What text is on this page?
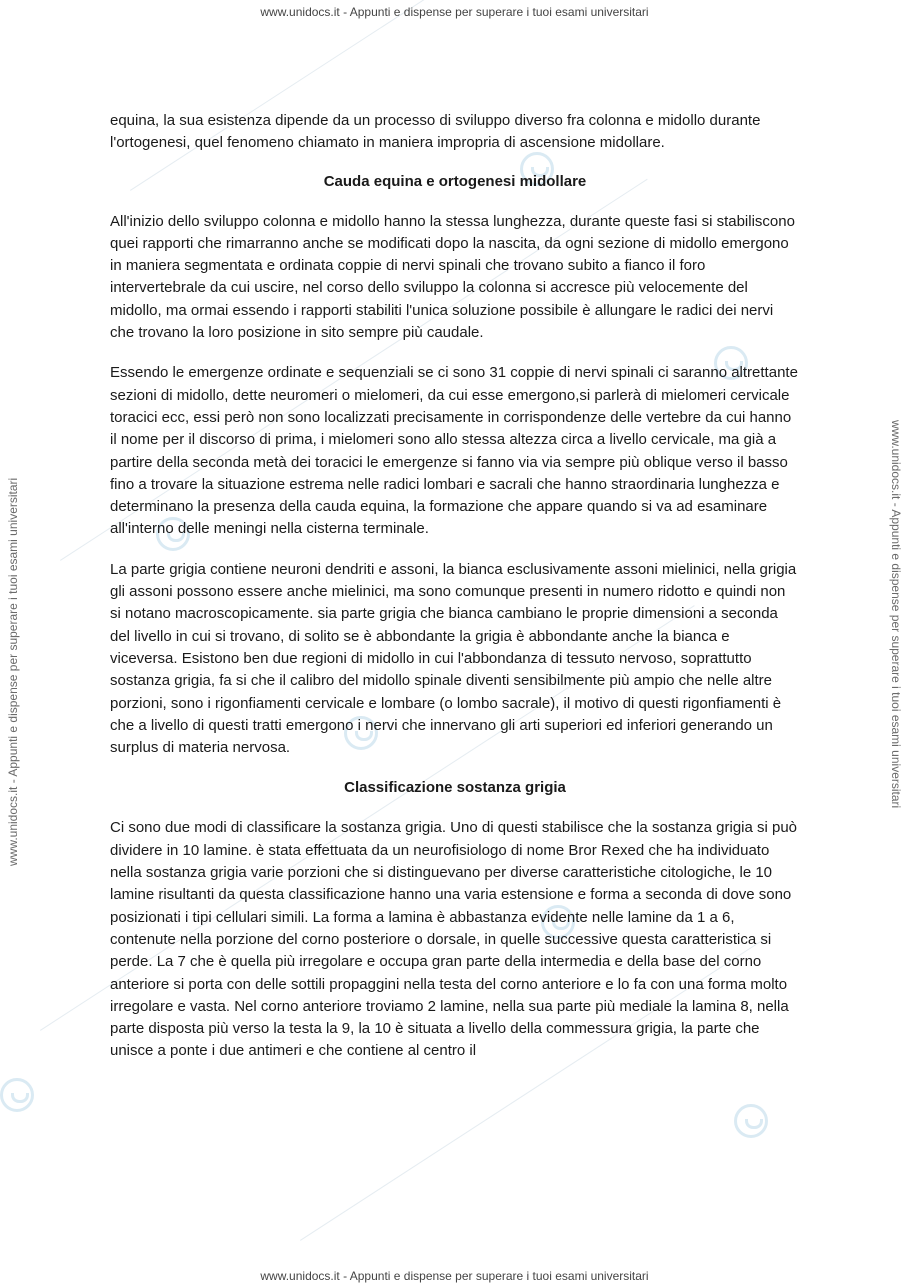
www.unidocs.it - Appunti e dispense per superare i tuoi esami universitari
www.unidocs.it - Appunti e dispense per superare i tuoi esami universitari	www.unidocs.it - Appunti e dispense per superare i tuoi esami universitari

equina, la sua esistenza dipende da un processo di sviluppo diverso fra colonna e midollo durante l'ortogenesi, quel fenomeno chiamato in maniera impropria di ascensione midollare.

Cauda equina e ortogenesi midollare

All'inizio dello sviluppo colonna e midollo hanno la stessa lunghezza, durante queste fasi si stabiliscono quei rapporti che rimarranno anche se modificati dopo la nascita, da ogni sezione di midollo emergono in maniera segmentata e ordinata coppie di nervi spinali che trovano subito a fianco il foro intervertebrale da cui uscire, nel corso dello sviluppo la colonna si accresce più velocemente del midollo, ma ormai essendo i rapporti stabiliti l'unica soluzione possibile è allungare le radici dei nervi che trovano la loro posizione in sito sempre più caudale.

Essendo le emergenze ordinate e sequenziali se ci sono 31 coppie di nervi spinali ci saranno altrettante sezioni di midollo, dette neuromeri o mielomeri, da cui esse emergono,si parlerà di mielomeri cervicale toracici ecc, essi però non sono localizzati precisamente in corrispondenze delle vertebre da cui hanno il nome per il discorso di prima, i mielomeri sono allo stessa altezza circa a livello cervicale, ma già a partire della seconda metà dei toracici le emergenze si fanno via via sempre più oblique verso il basso fino a trovare la situazione estrema nelle radici lombari e sacrali che hanno straordinaria lunghezza e determinano la presenza della cauda equina, la formazione che appare quando si va ad esaminare all'interno delle meningi nella cisterna terminale.

La parte grigia contiene neuroni dendriti e assoni, la bianca esclusivamente assoni mielinici, nella grigia gli assoni possono essere anche mielinici, ma sono comunque presenti in numero ridotto e quindi non si notano macroscopicamente. sia parte grigia che bianca cambiano le proprie dimensioni a seconda del livello in cui si trovano, di solito se è abbondante la grigia è abbondante anche la bianca e viceversa. Esistono ben due regioni di midollo in cui l'abbondanza di tessuto nervoso, soprattutto sostanza grigia, fa si che il calibro del midollo spinale diventi sensibilmente più ampio che nelle altre porzioni, sono i rigonfiamenti cervicale e lombare (o lombo sacrale), il motivo di questi rigonfiamenti è che a livello di questi tratti emergono i nervi che innervano gli arti superiori ed inferiori generando un surplus di materia nervosa.

Classificazione sostanza grigia

Ci sono due modi di classificare la sostanza grigia. Uno di questi stabilisce che la sostanza grigia si può dividere in 10 lamine. è stata effettuata da un neurofisiologo di nome Bror Rexed che ha individuato nella sostanza grigia varie porzioni che si distinguevano per diverse caratteristiche citologiche, le 10 lamine risultanti da questa classificazione hanno una varia estensione e forma a seconda di dove sono posizionati i tipi cellulari simili. La forma a lamina è abbastanza evidente nelle lamine da 1 a 6, contenute nella porzione del corno posteriore o dorsale, in quelle successive questa caratteristica si perde. La 7 che è quella più irregolare e occupa gran parte della intermedia e della base del corno anteriore si porta con delle sottili propaggini nella testa del corno anteriore e lo fa con una forma molto irregolare e vasta. Nel corno anteriore troviamo 2 lamine, nella sua parte più mediale la lamina 8, nella parte disposta più verso la testa la 9, la 10 è situata a livello della commessura grigia, la parte che unisce a ponte i due antimeri e che contiene al centro il

www.unidocs.it - Appunti e dispense per superare i tuoi esami universitari
